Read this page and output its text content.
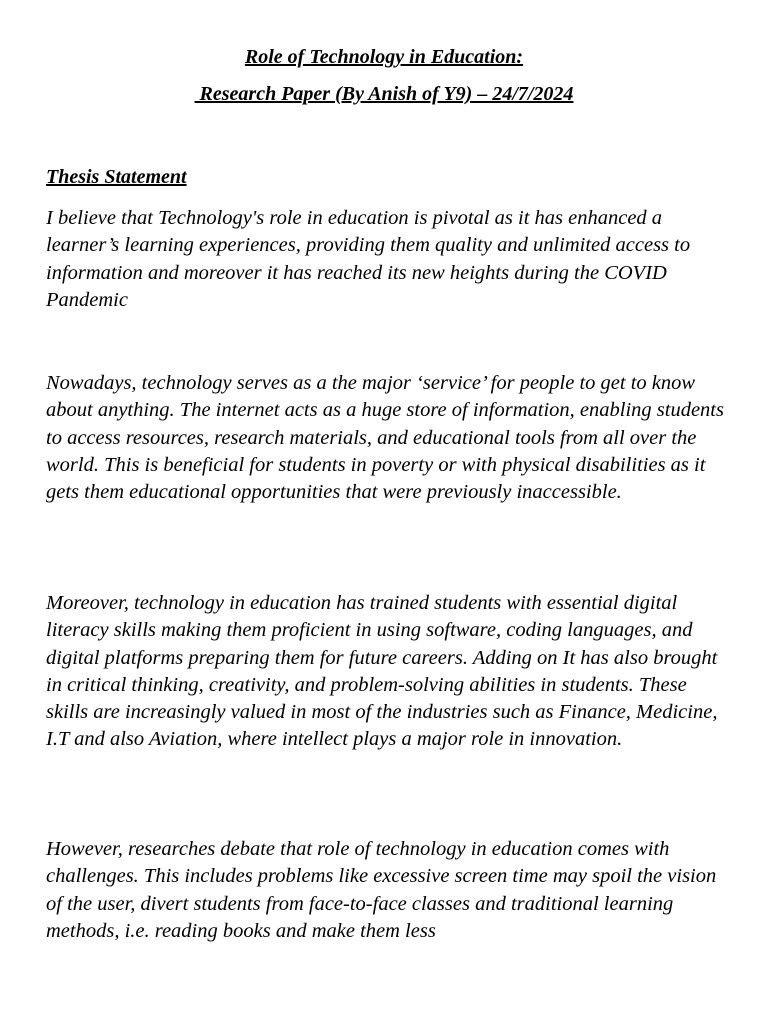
Role of Technology in Education:
Research Paper (By Anish of Y9) – 24/7/2024
Thesis Statement

I believe that Technology's role in education is pivotal as it has enhanced a learner’s learning experiences, providing them quality and unlimited access to information and moreover it has reached its new heights during the COVID Pandemic

Nowadays, technology serves as a the major ‘service’ for people to get to know about anything. The internet acts as a huge store of information, enabling students to access resources, research materials, and educational tools from all over the world. This is beneficial for students in poverty or with physical disabilities as it gets them educational opportunities that were previously inaccessible.

Moreover, technology in education has trained students with essential digital literacy skills making them proficient in using software, coding languages, and digital platforms preparing them for future careers. Adding on It has also brought in critical thinking, creativity, and problem-solving abilities in students. These skills are increasingly valued in most of the industries such as Finance, Medicine, I.T and also Aviation, where intellect plays a major role in innovation.

However, researches debate that role of technology in education comes with challenges. This includes problems like excessive screen time may spoil the vision of the user, divert students from face-to-face classes and traditional learning methods, i.e. reading books and make them less
